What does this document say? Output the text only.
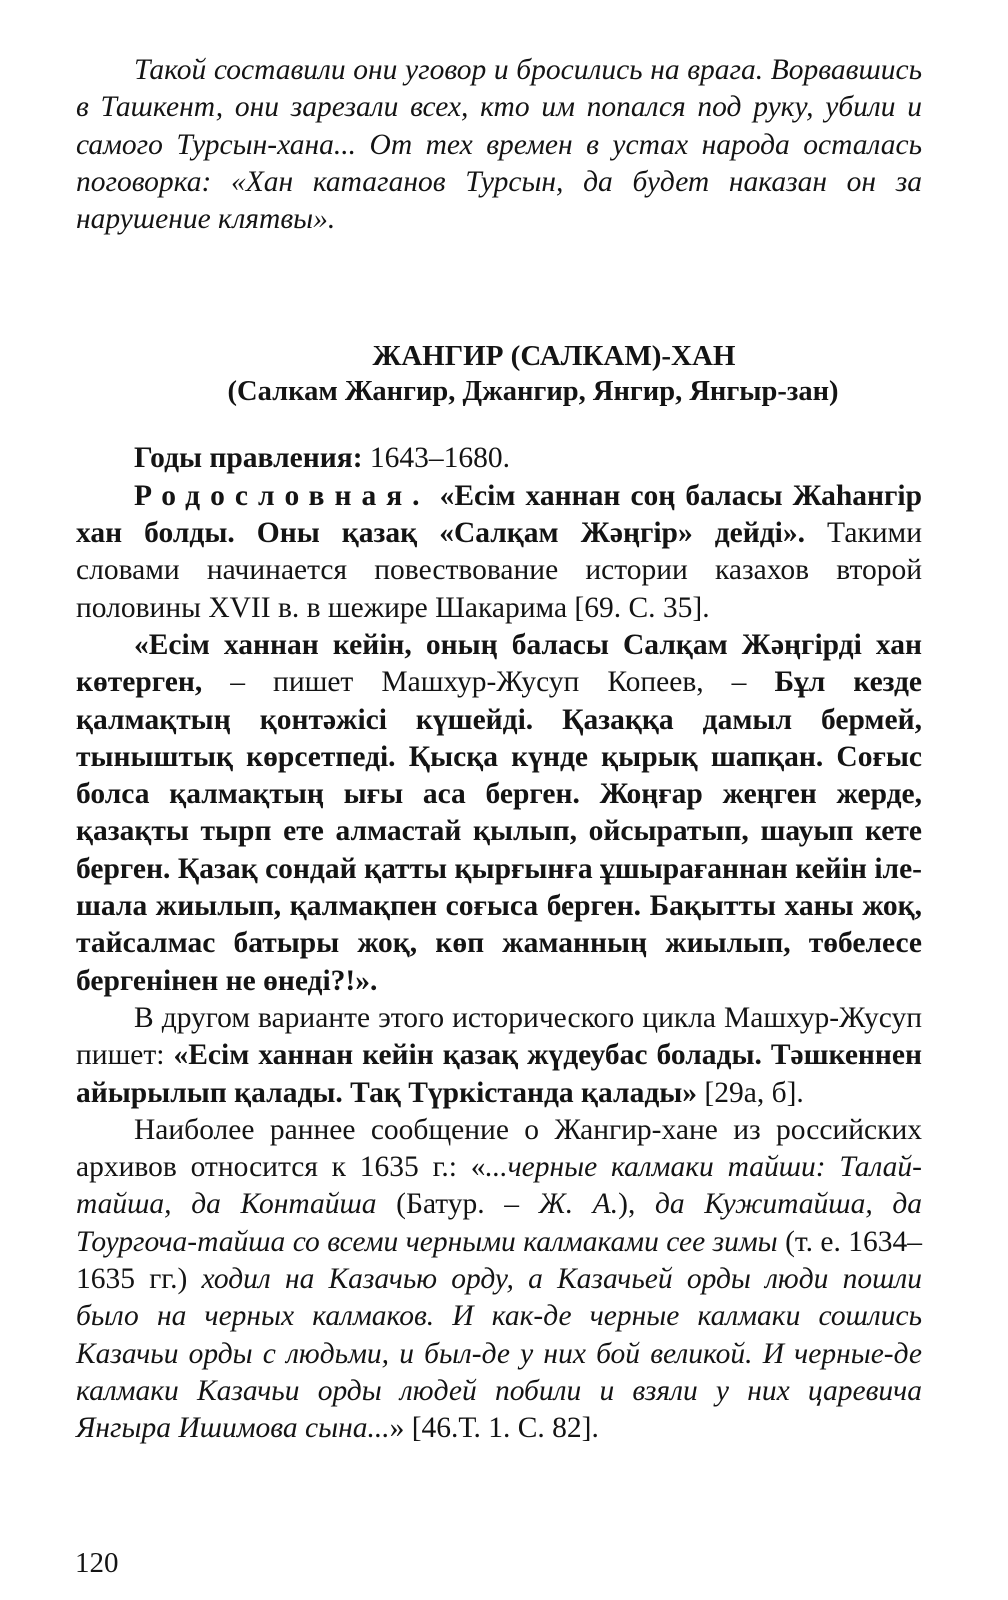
Такой составили они уговор и бросились на врага. Ворвавшись в Ташкент, они зарезали всех, кто им попался под руку, убили и самого Турсын-хана... От тех времен в устах народа осталась поговорка: «Хан катаганов Турсын, да будет наказан он за нарушение клятвы».

ЖАНГИР (САЛКАМ)-ХАН
(Салкам Жангир, Джангир, Янгир, Янгыр-зан)

Годы правления: 1643–1680.

Родословная. «Есім ханнан соң баласы Жаһангір хан болды. Оны қазақ «Салқам Жәңгір» дейді». Такими словами начинается повествование истории казахов второй половины XVII в. в шежире Шакарима [69. С. 35].

«Есім ханнан кейін, оның баласы Салқам Жәңгірді хан көтерген, – пишет Машхур-Жусуп Копеев, – Бұл кезде қалмақтың қонтәжісі күшейді. Қазаққа дамыл бермей, тыныштық көрсетпеді. Қысқа күнде қырық шапқан. Соғыс болса қалмақтың ығы аса берген. Жоңғар жеңген жерде, қазақты тырп ете алмастай қылып, ойсыратып, шауып кете берген. Қазақ сондай қатты қырғынға ұшырағаннан кейін іле-шала жиылып, қалмақпен соғыса берген. Бақытты ханы жоқ, тайсалмас батыры жоқ, көп жаманның жиылып, төбелесе бергенінен не өнеді?!».

В другом варианте этого исторического цикла Машхур-Жусуп пишет: «Есім ханнан кейін қазақ жүдеубас болады. Тәшкеннен айырылып қалады. Тақ Түркістанда қалады» [29а, б].

Наиболее раннее сообщение о Жангир-хане из российских архивов относится к 1635 г.: «...черные калмаки тайши: Талай-тайша, да Контайша (Батур. – Ж. А.), да Кужитайша, да Тоургоча-тайша со всеми черными калмаками сее зимы (т. е. 1634–1635 гг.) ходил на Казачью орду, а Казачьей орды люди пошли было на черных калмаков. И как-де черные калмаки сошлись Казачьи орды с людьми, и был-де у них бой великой. И черные-де калмаки Казачьи орды людей побили и взяли у них царевича Янгыра Ишимова сына...» [46.Т. 1. С. 82].

120
